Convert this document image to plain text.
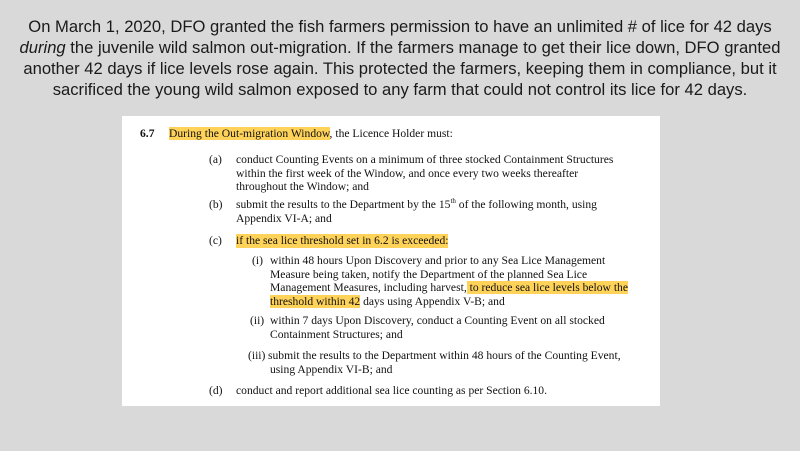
On March 1, 2020, DFO granted the fish farmers permission to have an unlimited # of lice for 42 days during the juvenile wild salmon out-migration. If the farmers manage to get their lice down, DFO granted another 42 days if lice levels rose again. This protected the farmers, keeping them in compliance, but it sacrificed the young wild salmon exposed to any farm that could not control its lice for 42 days.
6.7 During the Out-migration Window, the Licence Holder must:
(a) conduct Counting Events on a minimum of three stocked Containment Structures
within the first week of the Window, and once every two weeks thereafter
throughout the Window; and
(b) submit the results to the Department by the 15th of the following month, using
Appendix VI-A; and
(c) if the sea lice threshold set in 6.2 is exceeded:
(i) within 48 hours Upon Discovery and prior to any Sea Lice Management
Measure being taken, notify the Department of the planned Sea Lice
Management Measures, including harvest, to reduce sea lice levels below the
threshold within 42 days using Appendix V-B; and
(ii) within 7 days Upon Discovery, conduct a Counting Event on all stocked
Containment Structures; and
(iii) submit the results to the Department within 48 hours of the Counting Event,
using Appendix VI-B; and
(d) conduct and report additional sea lice counting as per Section 6.10.
